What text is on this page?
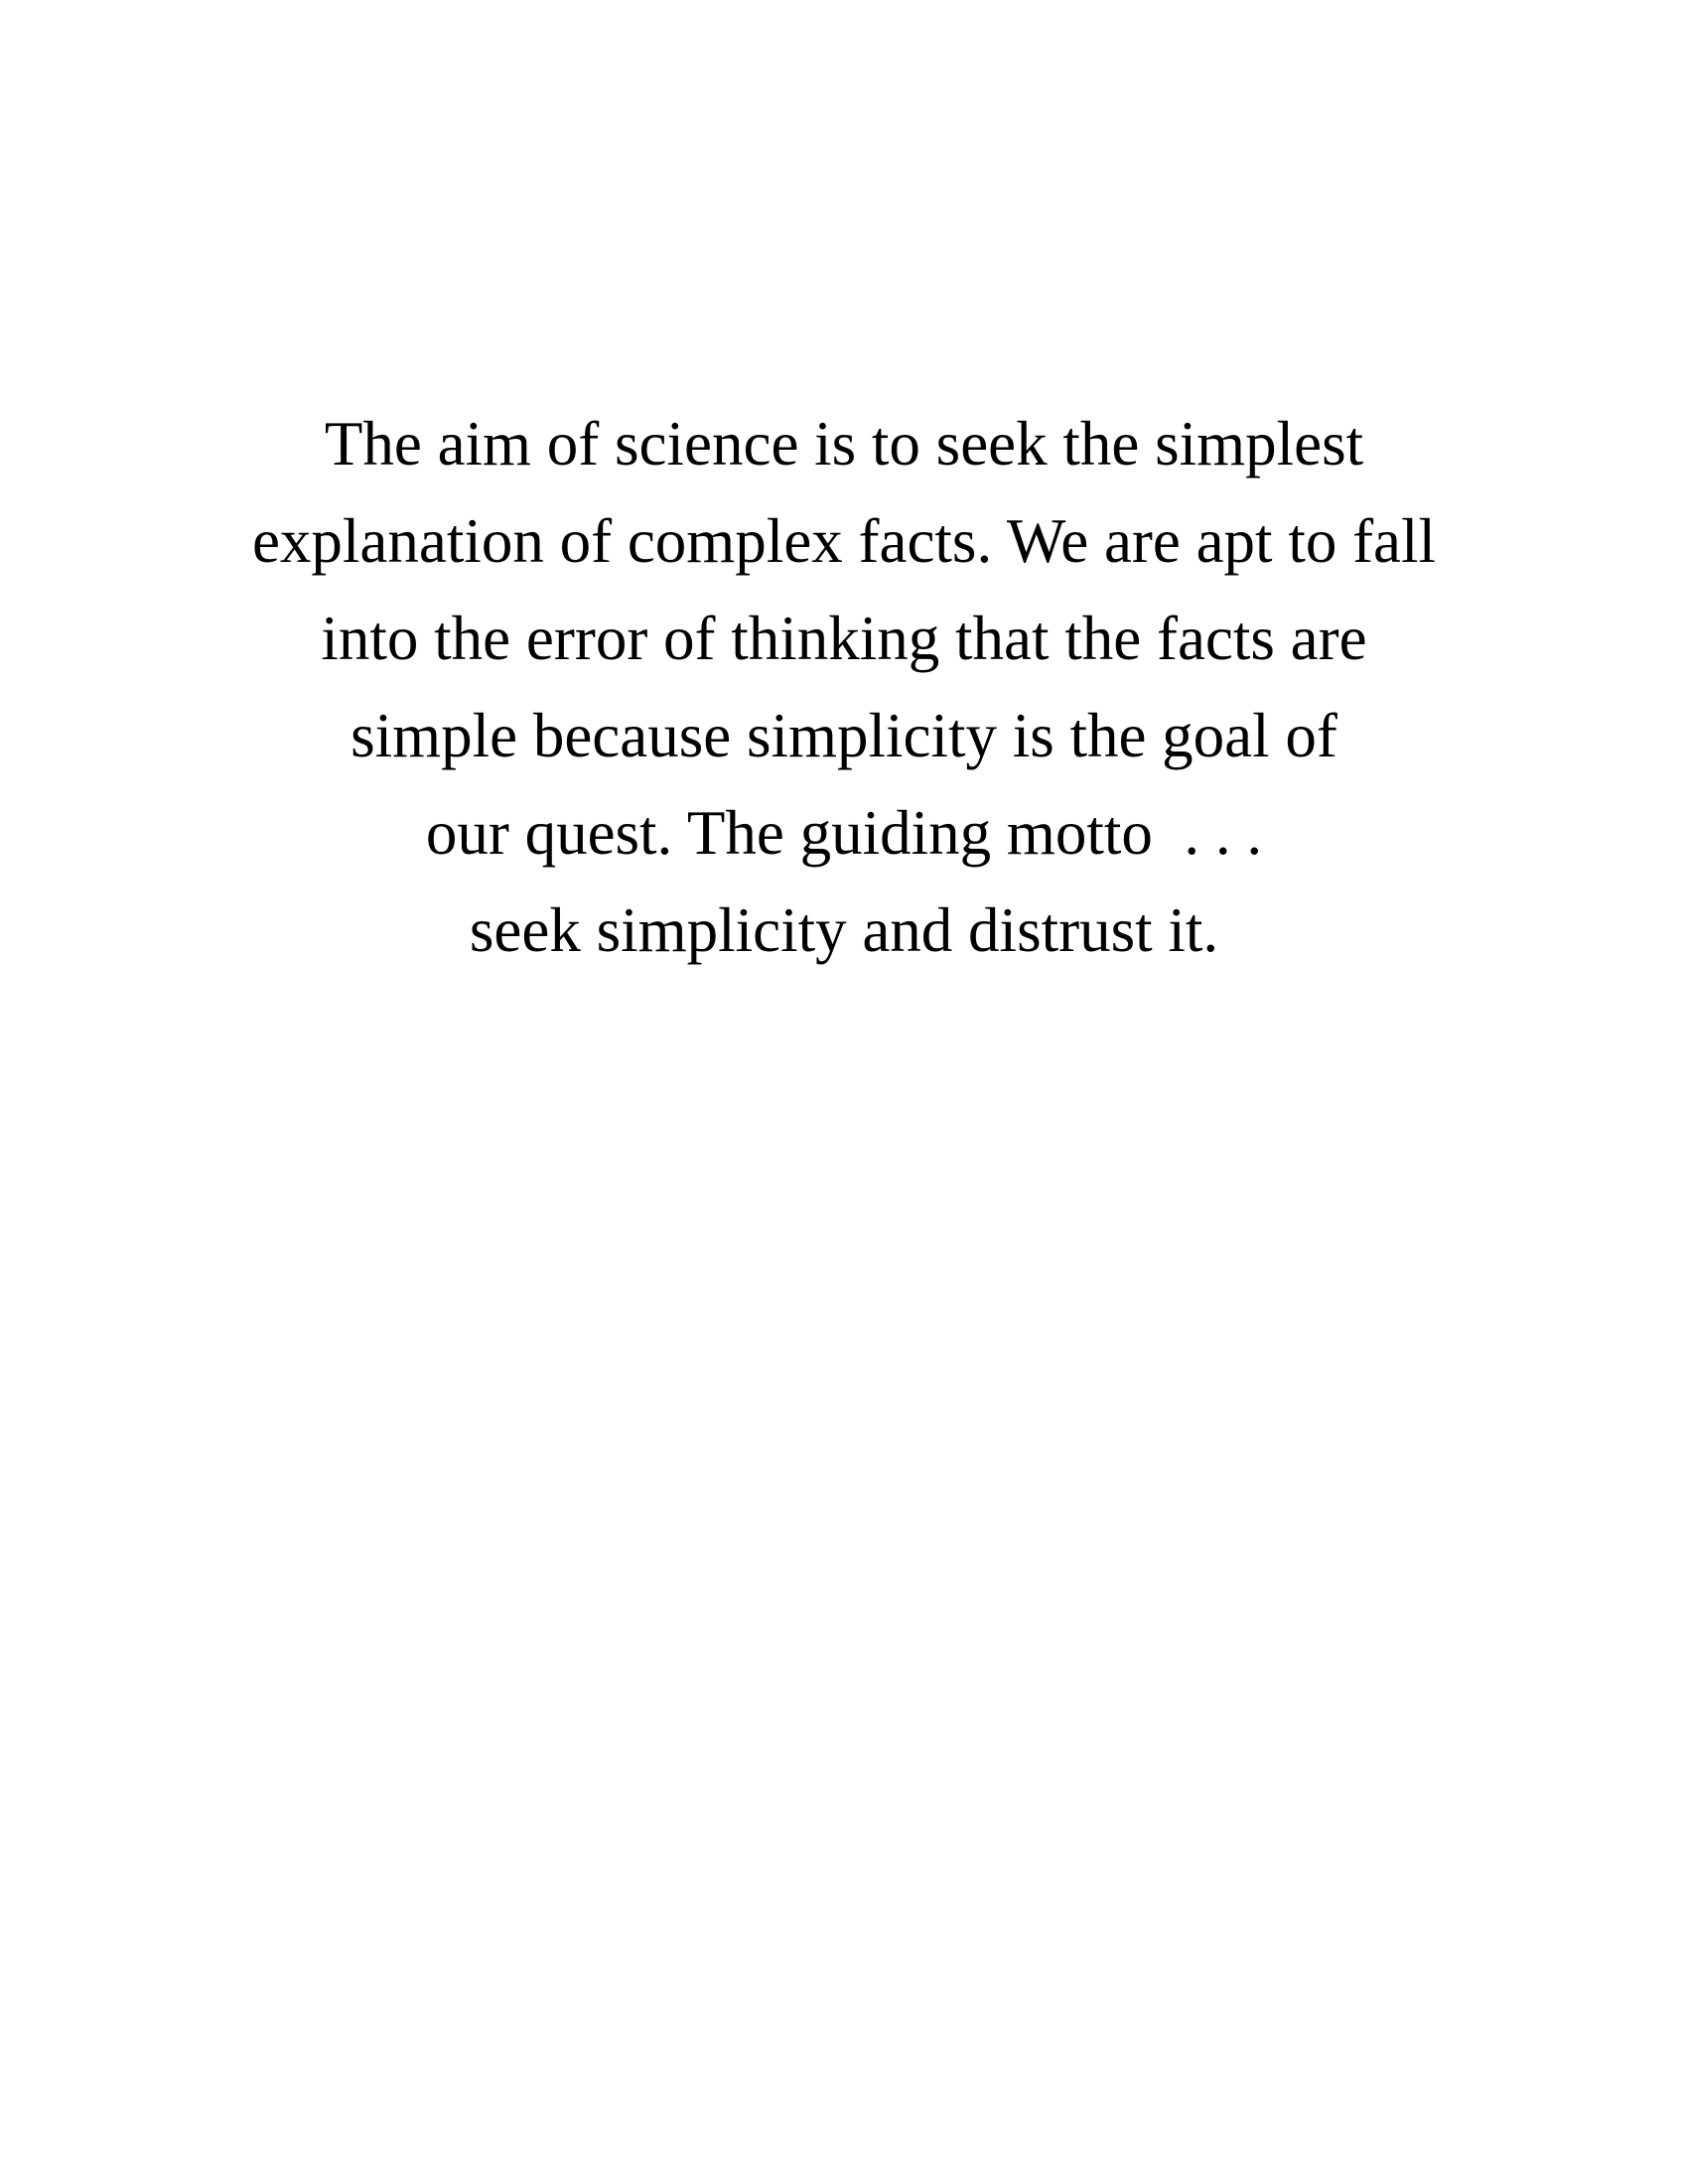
The aim of science is to seek the simplest
explanation of complex facts. We are apt to fall
into the error of thinking that the facts are
simple because simplicity is the goal of
our quest. The guiding motto  . . .
seek simplicity and distrust it.
